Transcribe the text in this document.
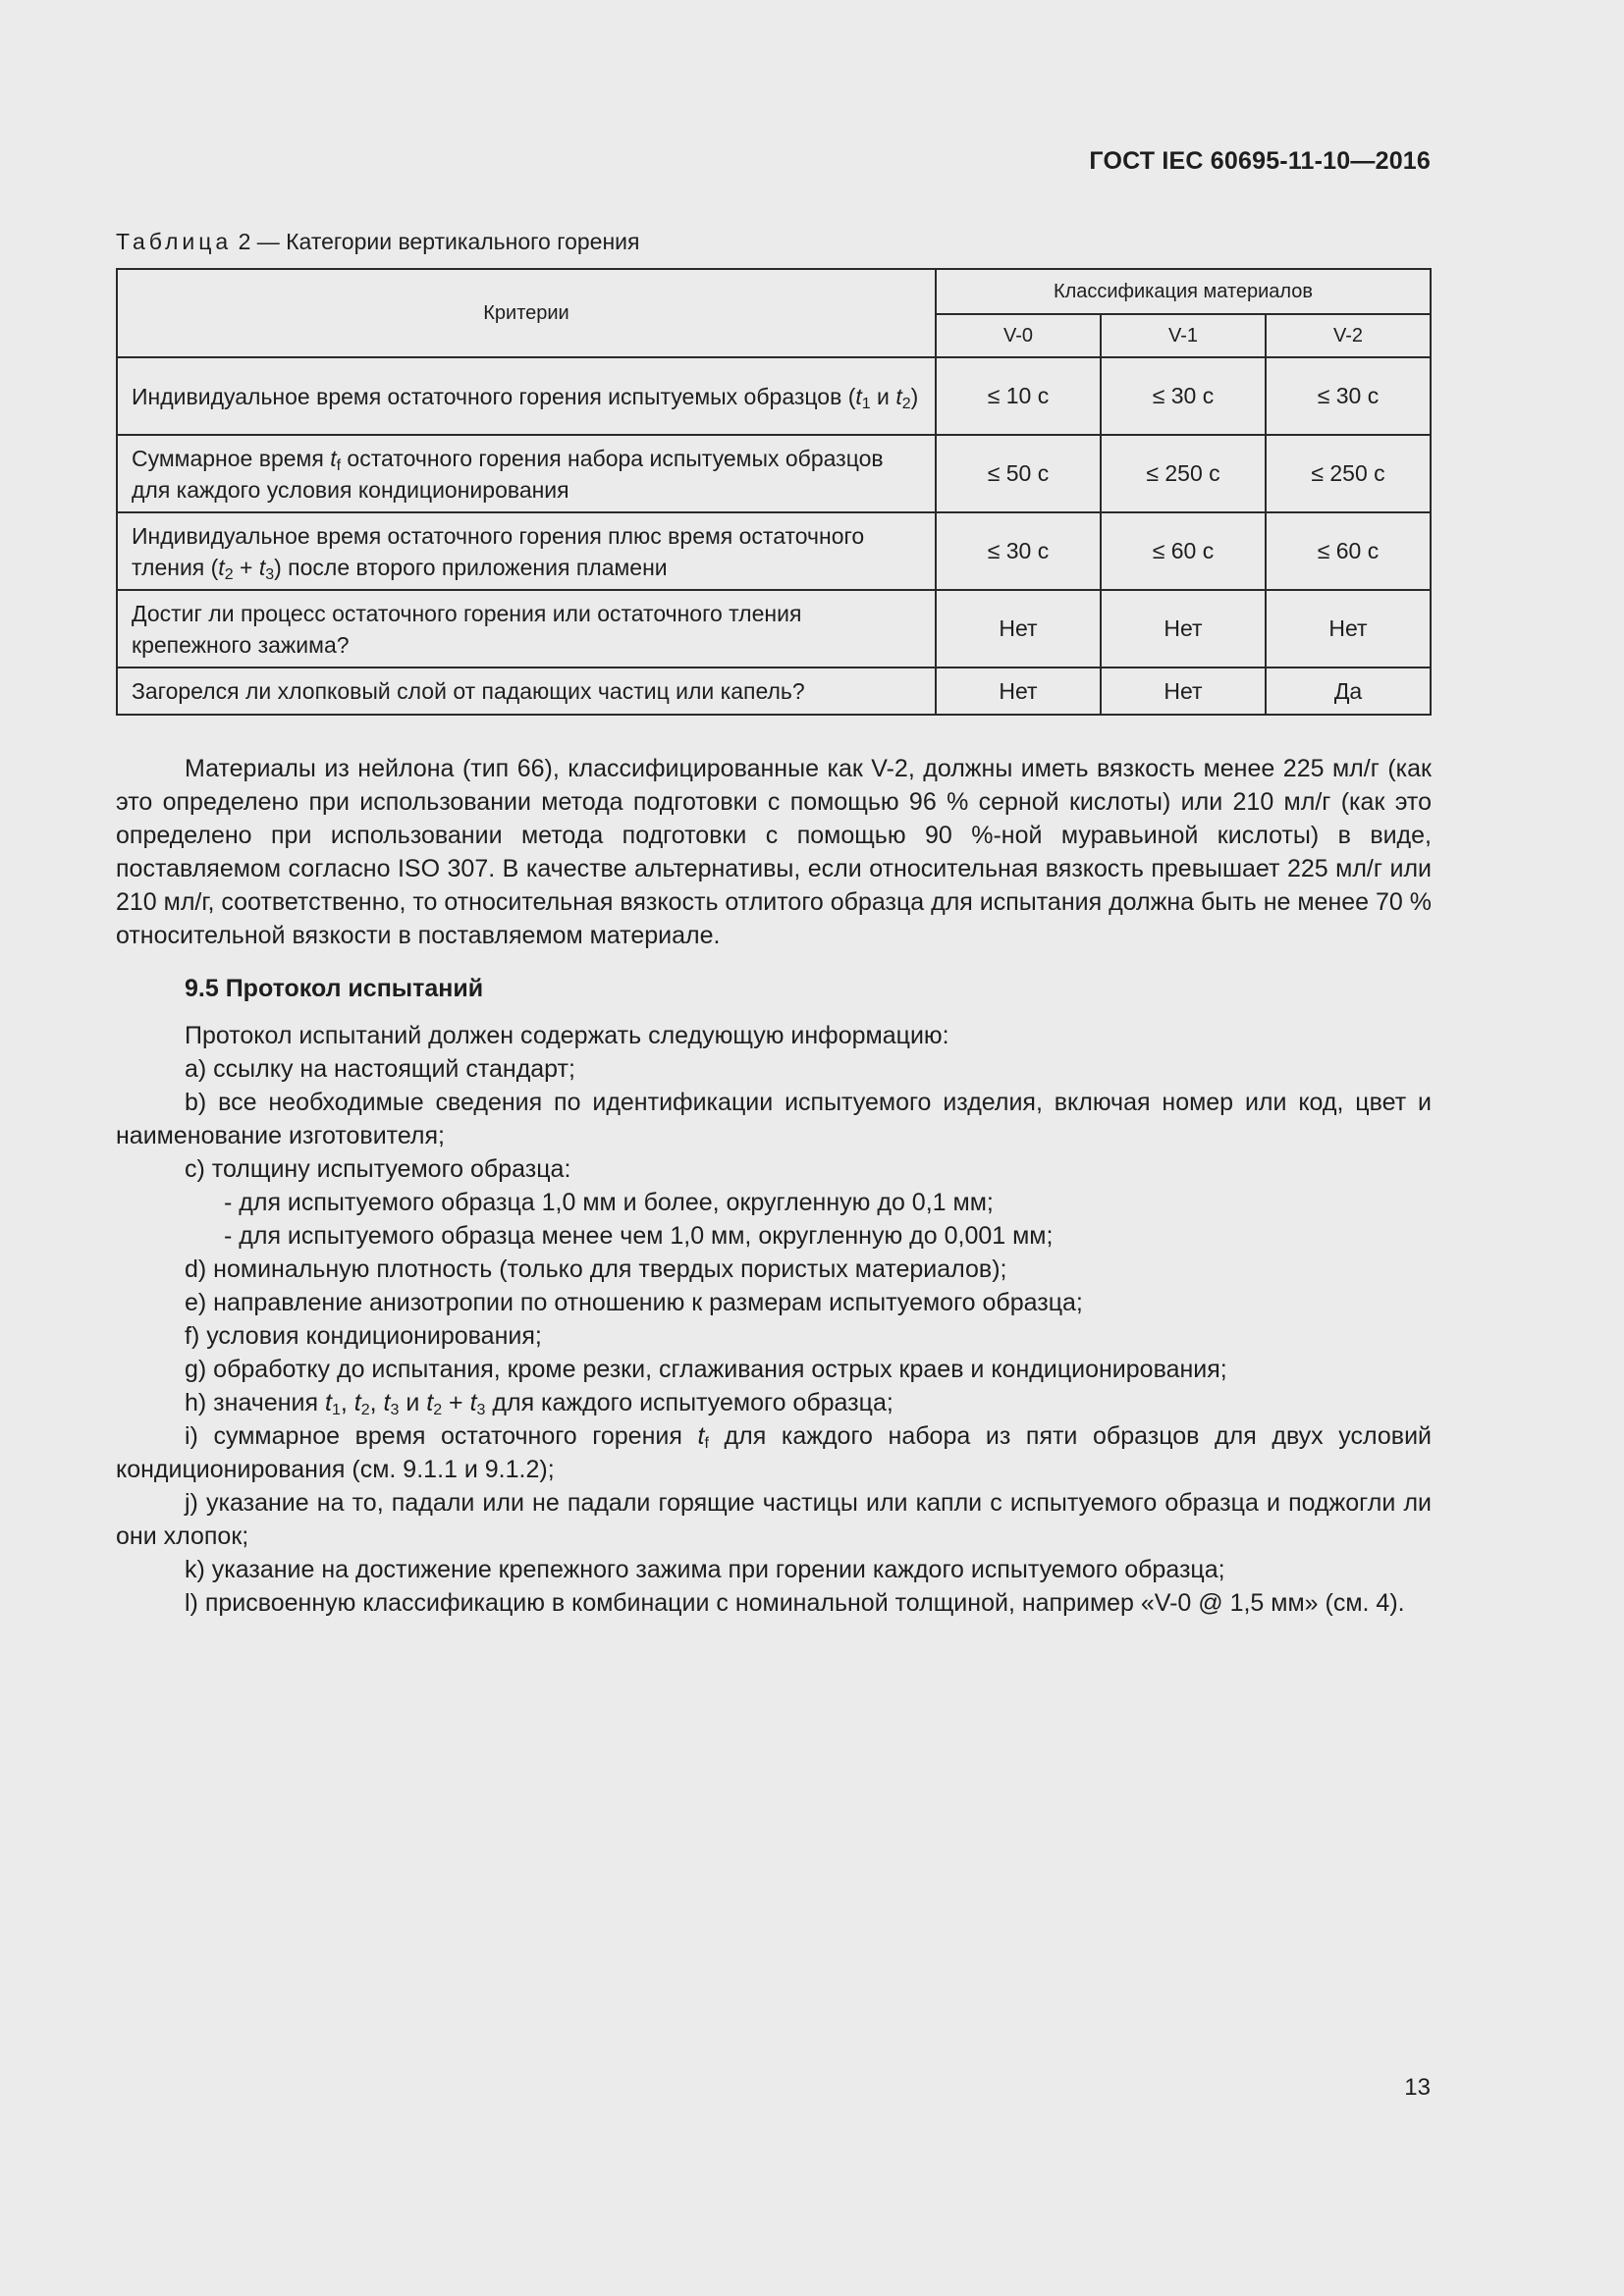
ГОСТ IEC 60695-11-10—2016
Таблица 2 — Категории вертикального горения
Критерии	Классификация материалов		
	V-0	V-1	V-2
Индивидуальное время остаточного горения испытуемых образцов ($t_1$ и $t_2$)	≤ 10 с	≤ 30 с	≤ 30 с
Суммарное время $t_f$ остаточного горения набора испытуемых образцов для каждого условия кондиционирования	≤ 50 с	≤ 250 с	≤ 250 с
Индивидуальное время остаточного горения плюс время остаточного тления $(t_2 + t_3)$ после второго приложения пламени	≤ 30 с	≤ 60 с	≤ 60 с
Достиг ли процесс остаточного горения или остаточного тления крепежного зажима?	Нет	Нет	Нет
Загорелся ли хлопковый слой от падающих частиц или капель?	Нет	Нет	Да

Материалы из нейлона (тип 66), классифицированные как V-2, должны иметь вязкость менее 225 мл/г (как это определено при использовании метода подготовки с помощью 96 % серной кислоты) или 210 мл/г (как это определено при использовании метода подготовки с помощью 90 %-ной муравьиной кислоты) в виде, поставляемом согласно ISO 307. В качестве альтернативы, если относительная вязкость превышает 225 мл/г или 210 мл/г, соответственно, то относительная вязкость отлитого образца для испытания должна быть не менее 70 % относительной вязкости в поставляемом материале.

9.5 Протокол испытаний

Протокол испытаний должен содержать следующую информацию:

a) ссылку на настоящий стандарт;

b) все необходимые сведения по идентификации испытуемого изделия, включая номер или код, цвет и наименование изготовителя;

c) толщину испытуемого образца:

- для испытуемого образца 1,0 мм и более, округленную до 0,1 мм;

- для испытуемого образца менее чем 1,0 мм, округленную до 0,001 мм;

d) номинальную плотность (только для твердых пористых материалов);

e) направление анизотропии по отношению к размерам испытуемого образца;

f) условия кондиционирования;

g) обработку до испытания, кроме резки, сглаживания острых краев и кондиционирования;

h) значения $t_1$, $t_2$, $t_3$ и $t_2 + t_3$ для каждого испытуемого образца;

i) суммарное время остаточного горения $t_f$ для каждого набора из пяти образцов для двух условий кондиционирования (см. 9.1.1 и 9.1.2);

j) указание на то, падали или не падали горящие частицы или капли с испытуемого образца и поджогли ли они хлопок;

k) указание на достижение крепежного зажима при горении каждого испытуемого образца;

l) присвоенную классификацию в комбинации с номинальной толщиной, например «V-0 @ 1,5 мм» (см. 4).

13
